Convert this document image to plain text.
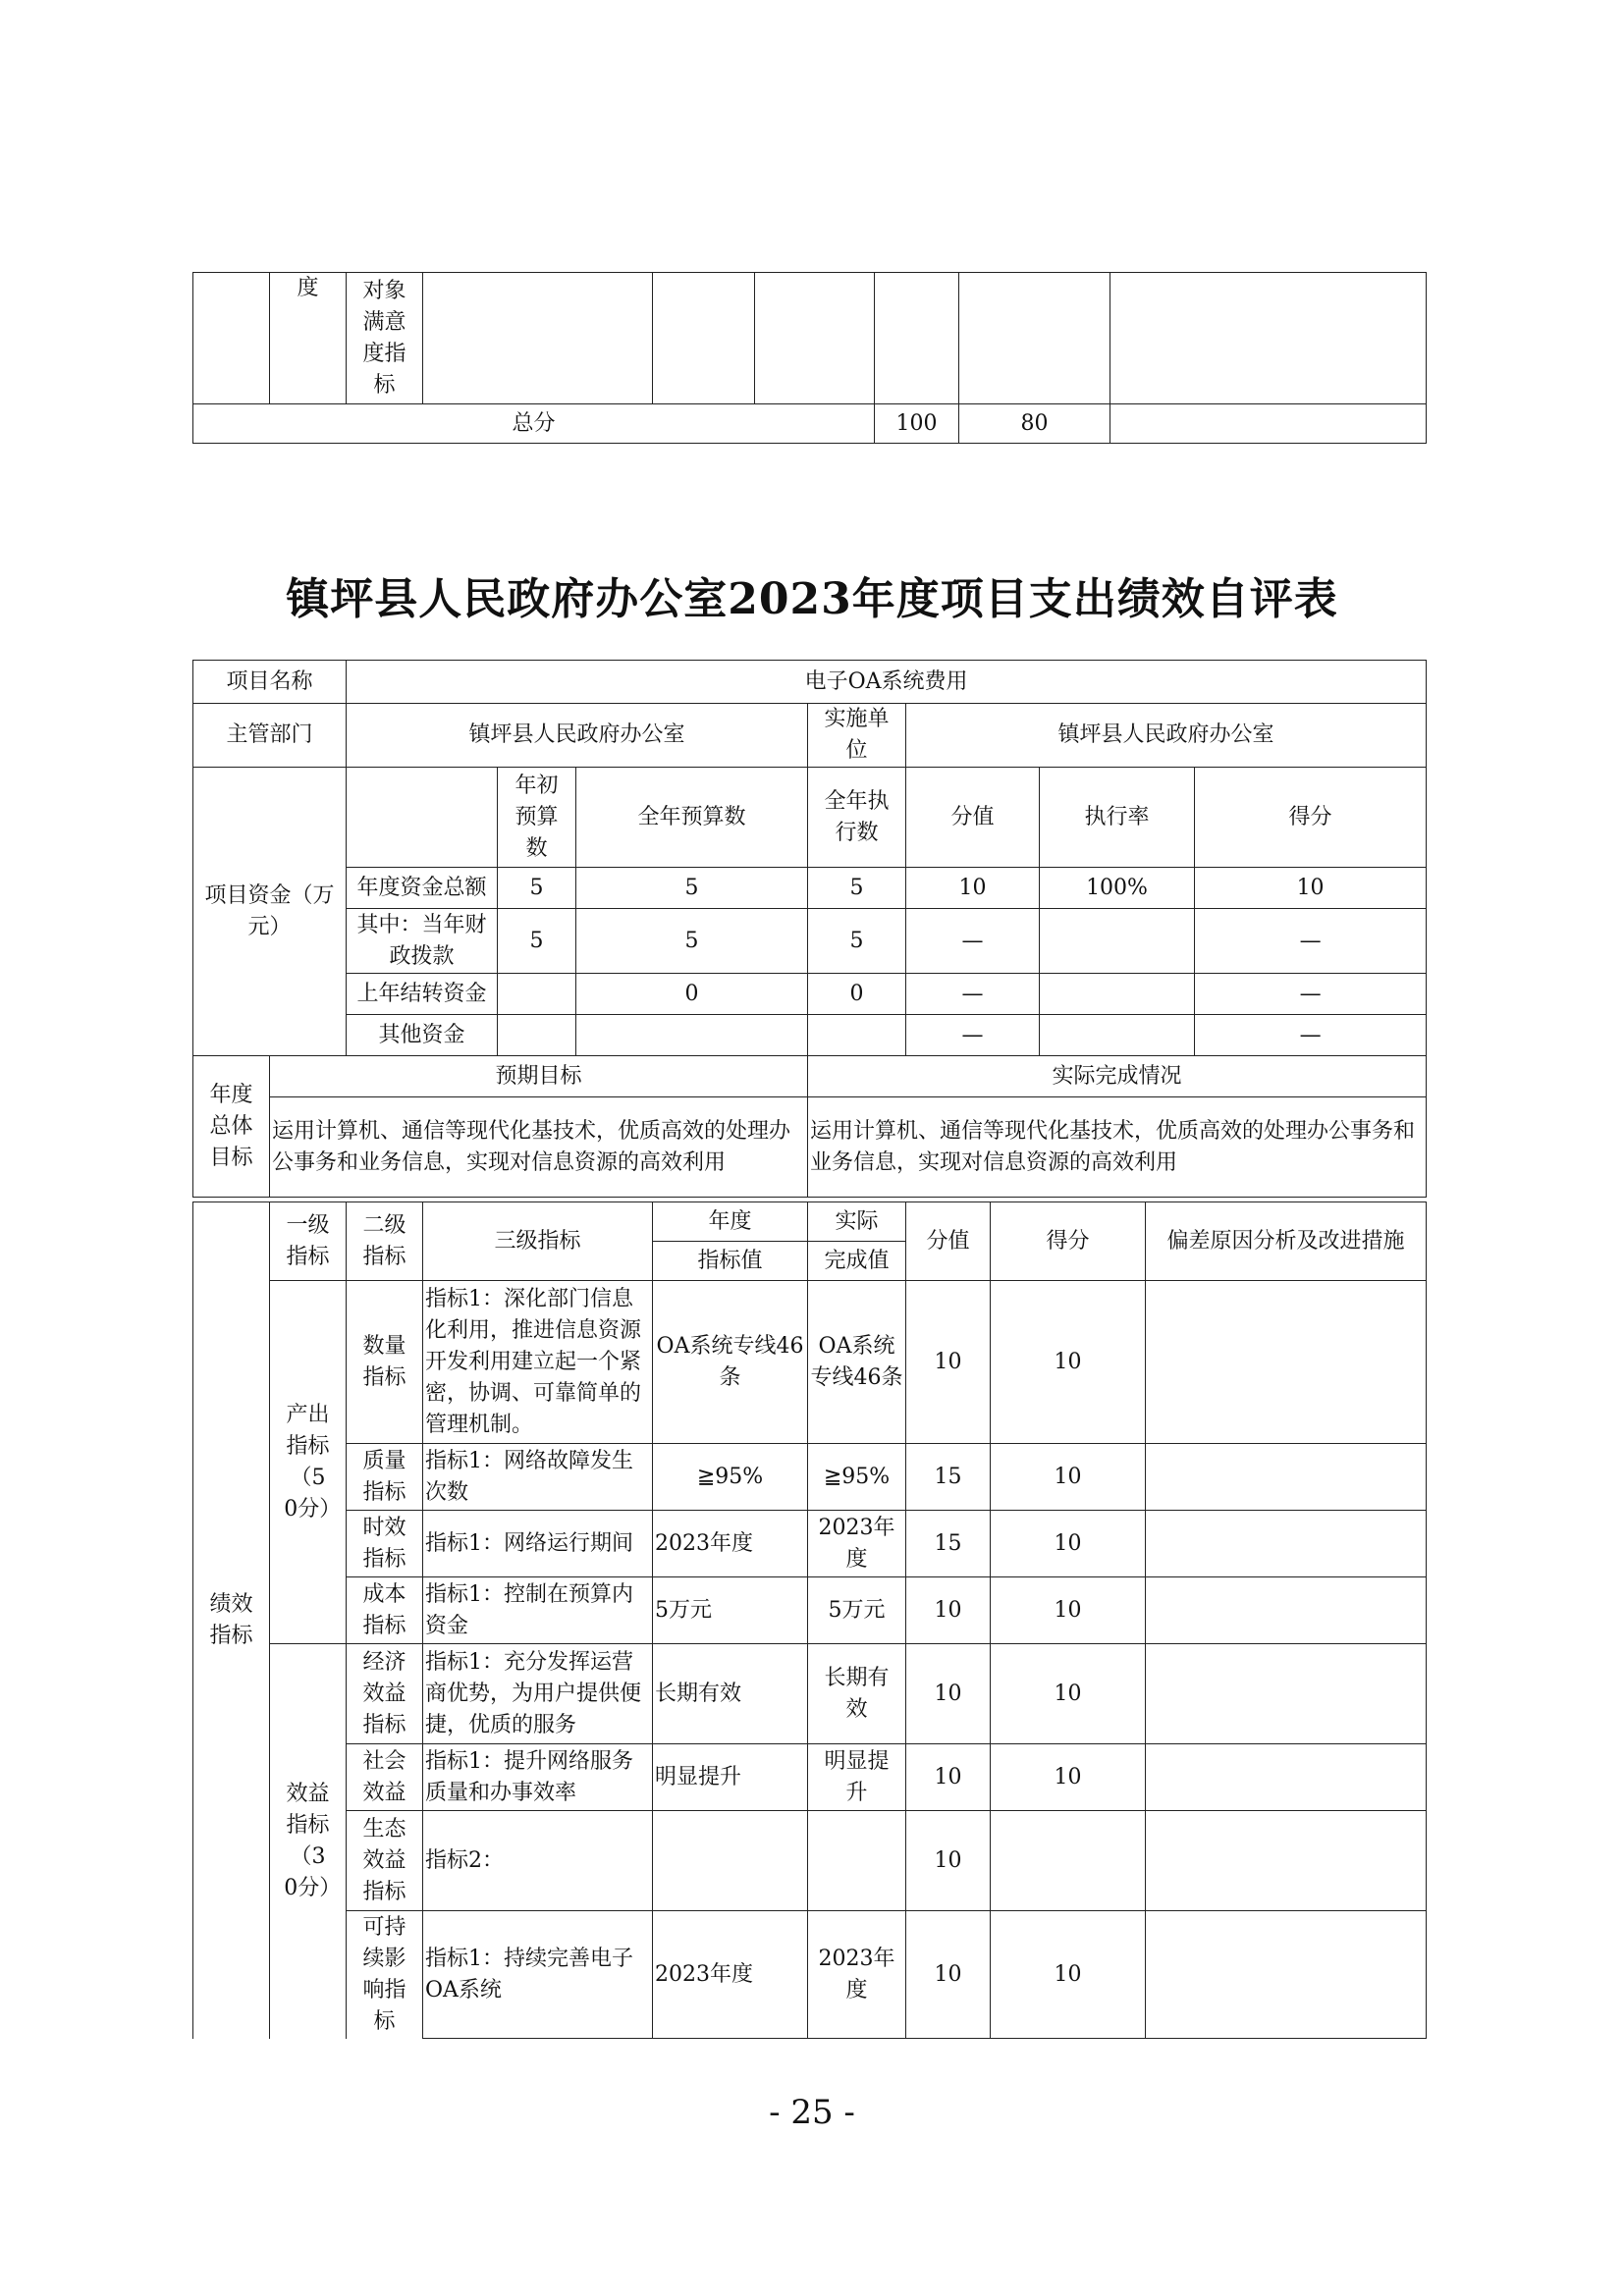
	度	对象满意度指标						
总分						100	80	
镇坪县人民政府办公室2023年度项目支出绩效自评表
项目名称		电子OA系统费用						
主管部门		镇坪县人民政府办公室			实施单位	镇坪县人民政府办公室		
项目资金（万元）			年初预算数	全年预算数	全年执行数	分值	执行率	得分
		年度资金总额	5	5	5	10	100%	10
		其中：当年财政拨款	5	5	5	—		—
		上年结转资金		0	0	—		—
		其他资金				—		—
年度总体目标	预期目标				实际完成情况			
	运用计算机、通信等现代化基技术，优质高效的处理办公事务和业务信息，实现对信息资源的高效利用				运用计算机、通信等现代化基技术，优质高效的处理办公事务和业务信息，实现对信息资源的高效利用			
绩效指标	一级指标	二级指标	三级指标	年度	实际	分值	得分	偏差原因分析及改进措施
				指标值	完成值			
	产出指标（50分）	数量指标	指标1：深化部门信息化利用，推进信息资源开发利用建立起一个紧密，协调、可靠简单的管理机制。	OA系统专线46条	OA系统专线46条	10	10	
		质量指标	指标1：网络故障发生次数	≧95%	≧95%	15	10	
		时效指标	指标1：网络运行期间	2023年度	2023年度	15	10	
		成本指标	指标1：控制在预算内资金	5万元	5万元	10	10	
	效益指标（30分）	经济效益指标	指标1：充分发挥运营商优势，为用户提供便捷，优质的服务	长期有效	长期有效	10	10	
		社会效益	指标1：提升网络服务质量和办事效率	明显提升	明显提升	10	10	
		生态效益指标	指标2：			10		
		可持续影响指标	指标1：持续完善电子OA系统	2023年度	2023年度	10	10	
- 25 -
